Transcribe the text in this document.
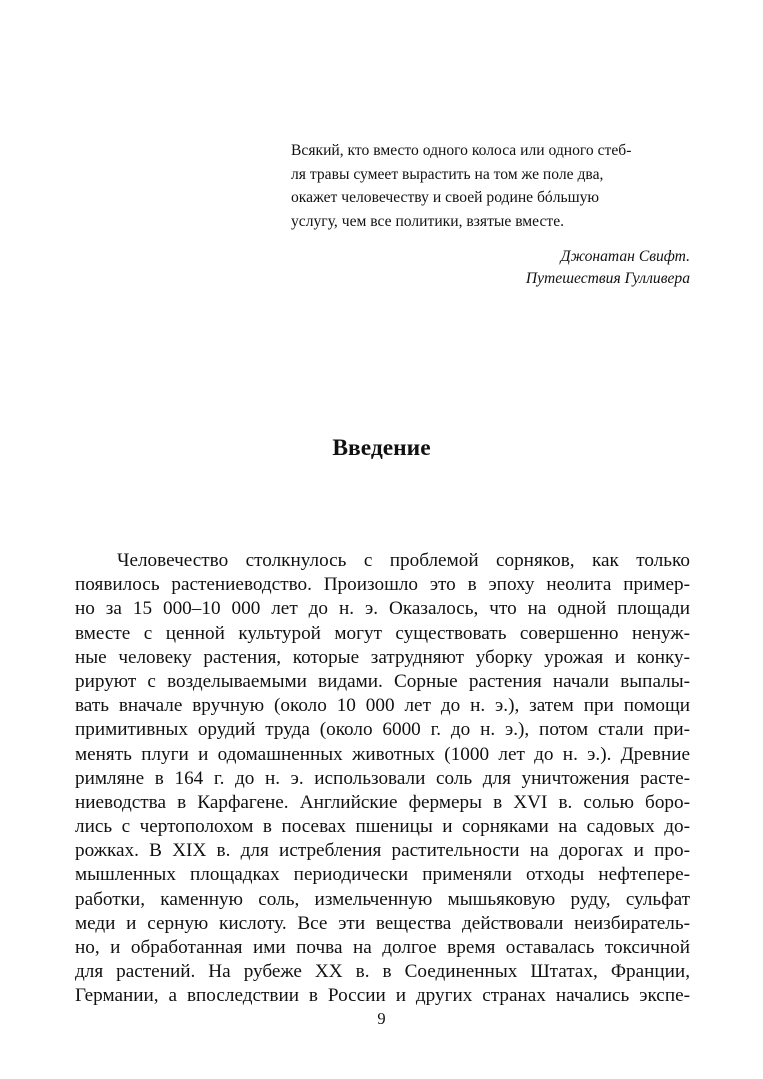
Всякий, кто вместо одного колоса или одного стеб-
ля травы сумеет вырастить на том же поле два,
окажет человечеству и своей родине бóльшую
услугу, чем все политики, взятые вместе.
Джонатан Свифт.
Путешествия Гулливера
Введение
Человечество столкнулось с проблемой сорняков, как только
появилось растениеводство. Произошло это в эпоху неолита пример-
но за 15 000–10 000 лет до н. э. Оказалось, что на одной площади
вместе с ценной культурой могут существовать совершенно ненуж-
ные человеку растения, которые затрудняют уборку урожая и конку-
рируют с возделываемыми видами. Сорные растения начали выпалы-
вать вначале вручную (около 10 000 лет до н. э.), затем при помощи
примитивных орудий труда (около 6000 г. до н. э.), потом стали при-
менять плуги и одомашненных животных (1000 лет до н. э.). Древние
римляне в 164 г. до н. э. использовали соль для уничтожения расте-
ниеводства в Карфагене. Английские фермеры в XVI в. солью боро-
лись с чертополохом в посевах пшеницы и сорняками на садовых до-
рожках. В XIX в. для истребления растительности на дорогах и про-
мышленных площадках периодически применяли отходы нефтепере-
работки, каменную соль, измельченную мышьяковую руду, сульфат
меди и серную кислоту. Все эти вещества действовали неизбиратель-
но, и обработанная ими почва на долгое время оставалась токсичной
для растений. На рубеже XX в. в Соединенных Штатах, Франции,
Германии, а впоследствии в России и других странах начались экспе-
9
